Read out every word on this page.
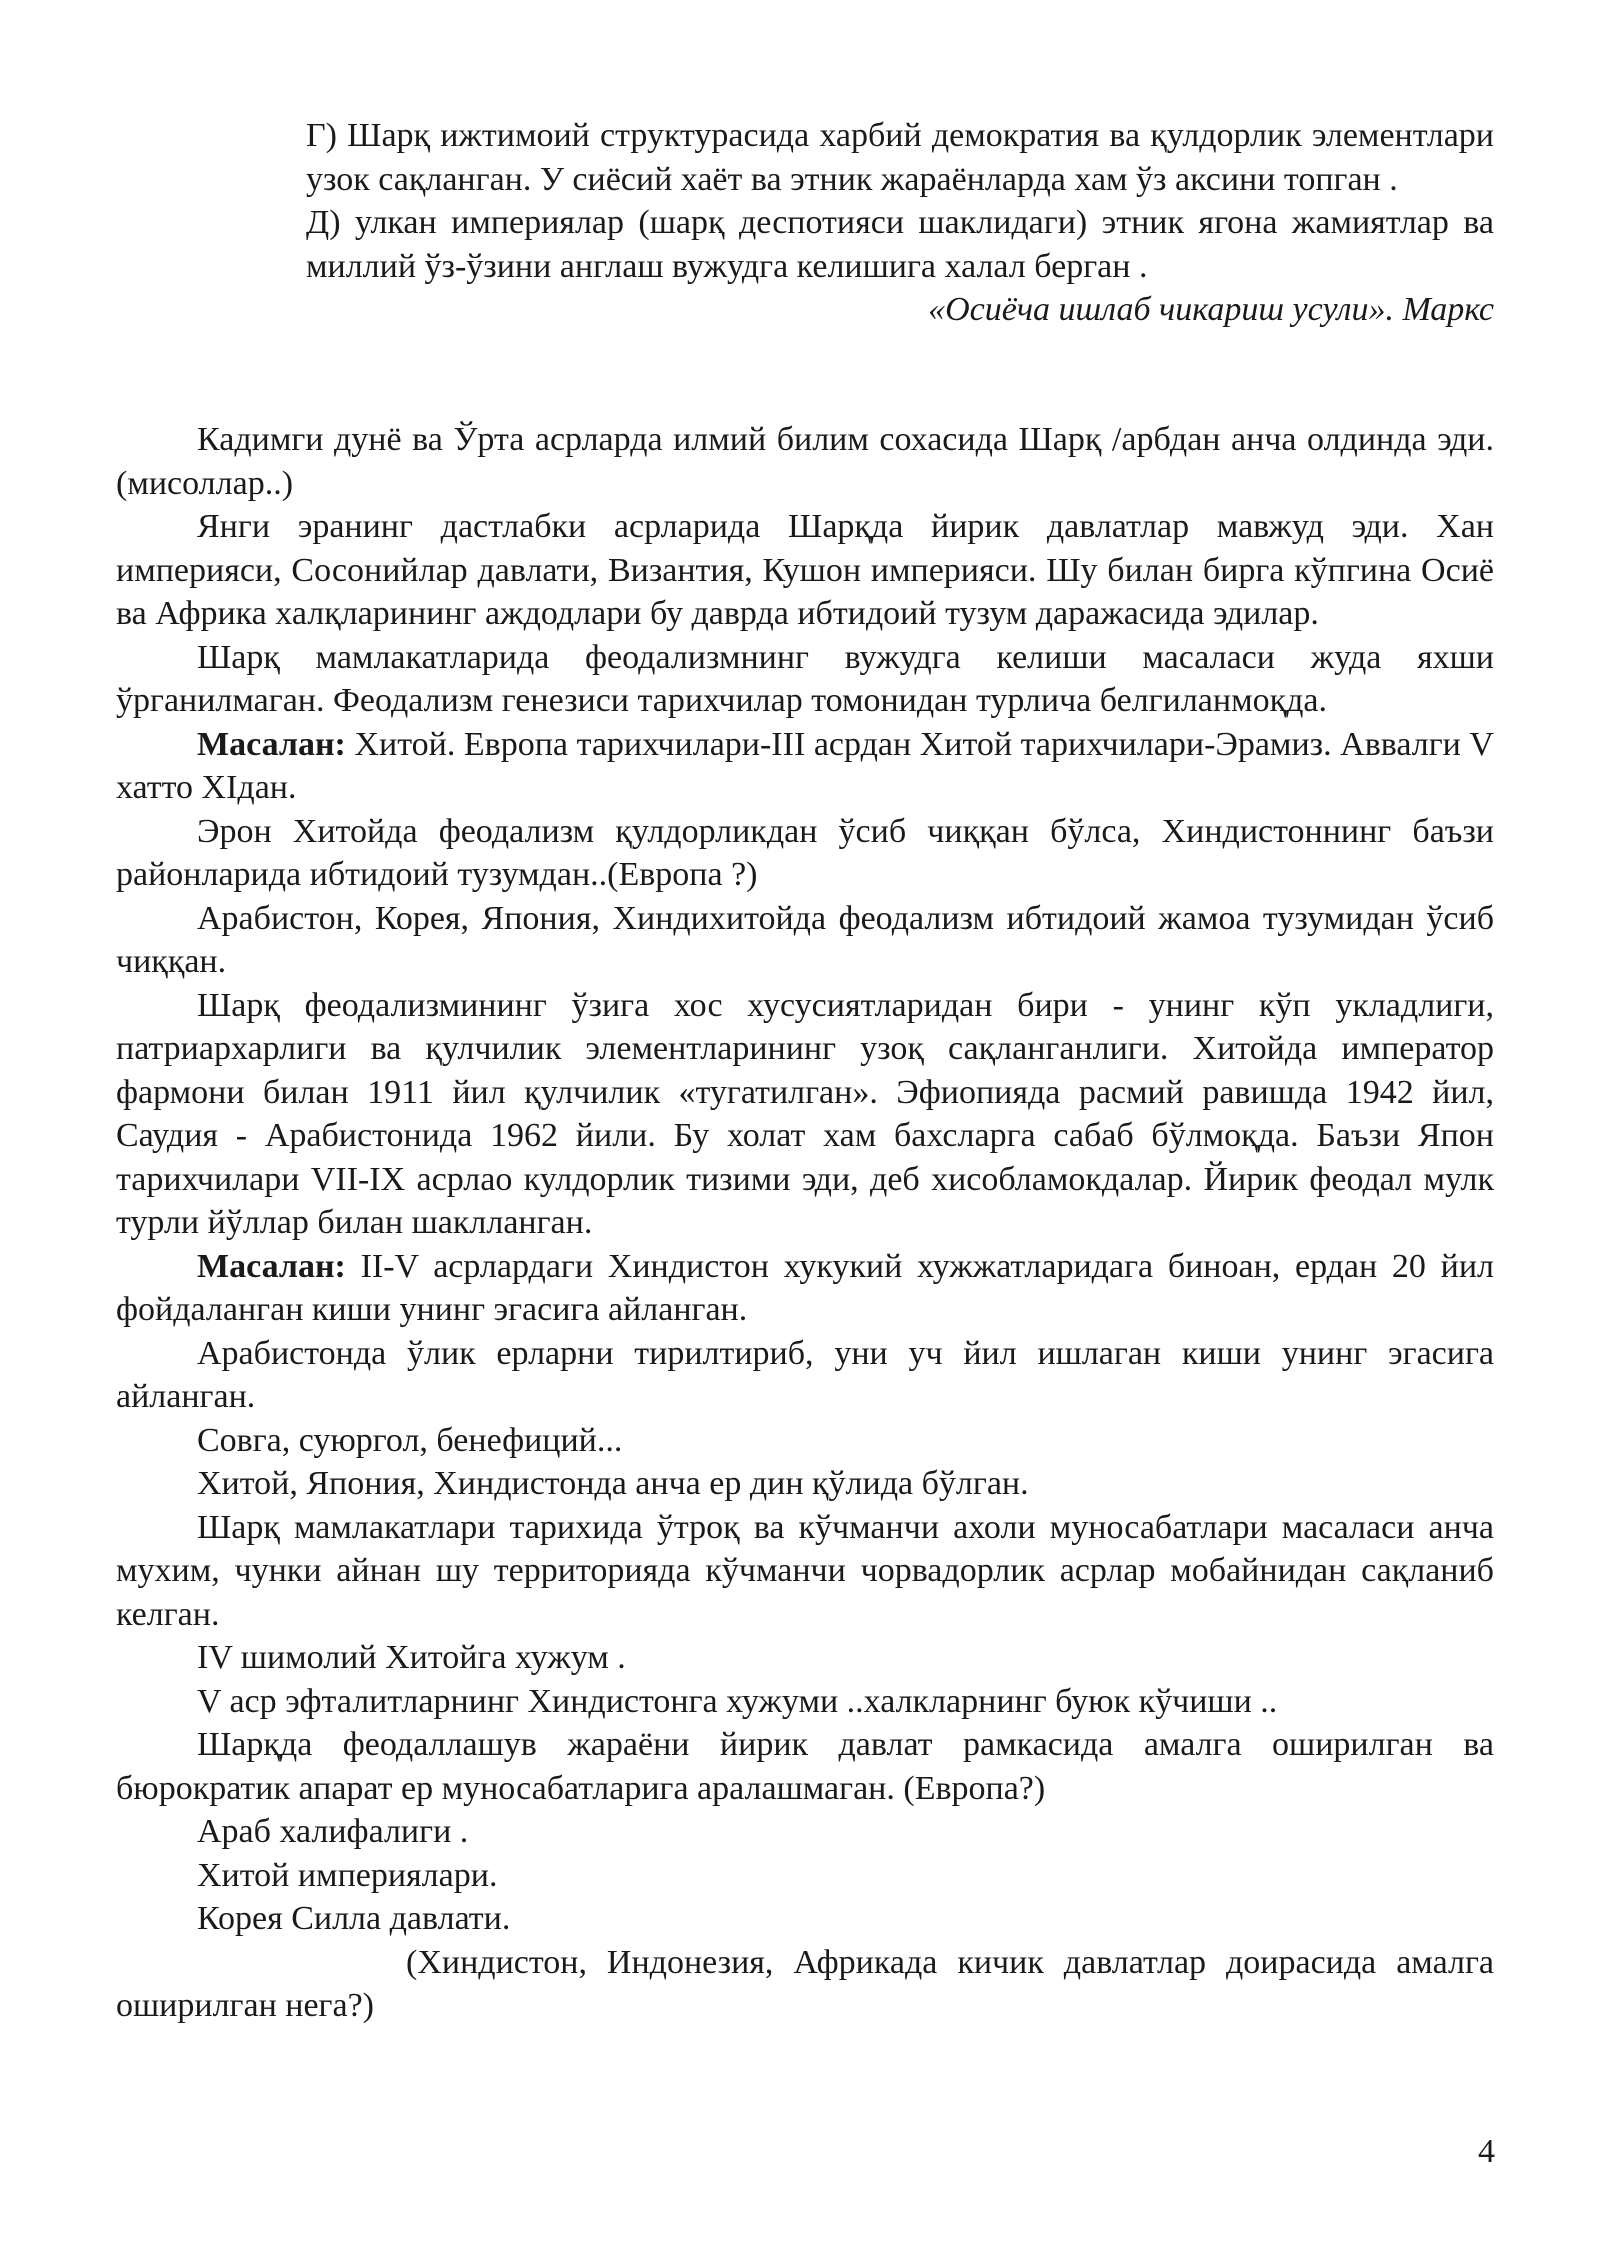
Г) Шарқ ижтимоий структурасида харбий демократия ва қулдорлик элементлари узок сақланган. У сиёсий хаёт ва этник жараёнларда хам ўз аксини топган .

Д) улкан империялар (шарқ деспотияси шаклидаги) этник ягона жамиятлар ва миллий ўз-ўзини англаш вужудга келишига халал берган .

«Осиёча ишлаб чикариш усули». Маркс

Кадимги дунё ва Ўрта асрларда илмий билим сохасида Шарқ /арбдан анча олдинда эди. (мисоллар..)

Янги эранинг дастлабки асрларида Шарқда йирик давлатлар мавжуд эди. Хан империяси, Сосонийлар давлати, Византия, Кушон империяси. Шу билан бирга кўпгина Осиё ва Африка халқларининг аждодлари бу даврда ибтидоий тузум даражасида эдилар.

Шарқ мамлакатларида феодализмнинг вужудга келиши масаласи жуда яхши ўрганилмаган. Феодализм генезиси тарихчилар томонидан турлича белгиланмоқда.

Масалан: Хитой. Европа тарихчилари-III асрдан Хитой тарихчилари-Эрамиз. Аввалги V хатто XIдан.

Эрон Хитойда феодализм қулдорликдан ўсиб чиққан бўлса, Хиндистоннинг баъзи районларида ибтидоий тузумдан..(Европа ?)

Арабистон, Корея, Япония, Хиндихитойда феодализм ибтидоий жамоа тузумидан ўсиб чиққан.

Шарқ феодализмининг ўзига хос хусусиятларидан бири - унинг кўп укладлиги, патриархарлиги ва қулчилик элементларининг узоқ сақланганлиги. Хитойда император фармони билан 1911 йил қулчилик «тугатилган». Эфиопияда расмий равишда 1942 йил, Саудия - Арабистонида 1962 йили. Бу холат хам бахсларга сабаб бўлмоқда. Баъзи Япон тарихчилари VII-IX асрлао кулдорлик тизими эди, деб хисобламокдалар. Йирик феодал мулк турли йўллар билан шаклланган.

Масалан: II-V асрлардаги Хиндистон хукукий хужжатларидага биноан, ердан 20 йил фойдаланган киши унинг эгасига айланган.

Арабистонда ўлик ерларни тирилтириб, уни уч йил ишлаган киши унинг эгасига айланган.

Совга, суюргол, бенефиций...

Хитой, Япония, Хиндистонда анча ер дин қўлида бўлган.

Шарқ мамлакатлари тарихида ўтроқ ва кўчманчи ахоли муносабатлари масаласи анча мухим, чунки айнан шу территорияда кўчманчи чорвадорлик асрлар мобайнидан сақланиб келган.

IV шимолий Хитойга хужум .

V аср эфталитларнинг Хиндистонга хужуми ..халкларнинг буюк кўчиши ..

Шарқда феодаллашув жараёни йирик давлат рамкасида амалга оширилган ва бюрократик апарат ер муносабатларига аралашмаган. (Европа?)

Араб халифалиги .

Хитой империялари.

Корея Силла давлати.

(Хиндистон, Индонезия, Африкада кичик давлатлар доирасида амалга оширилган нега?)

4
